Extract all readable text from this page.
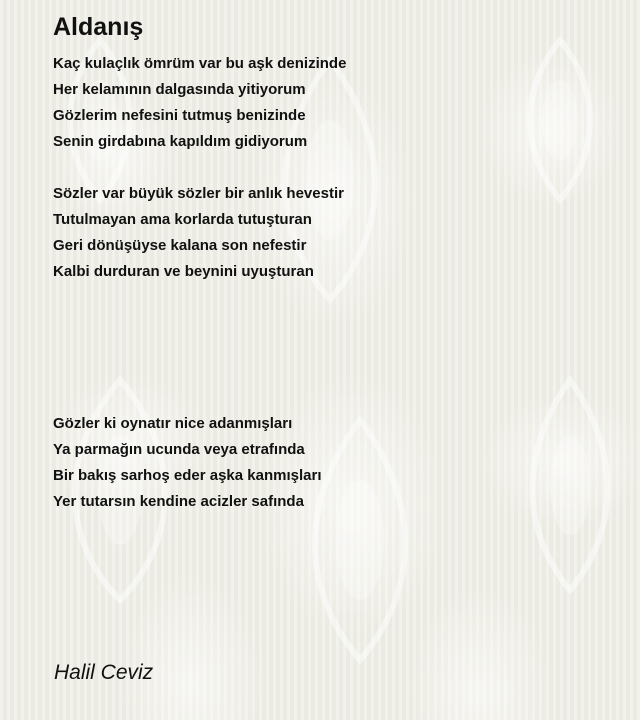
Aldanış
Kaç kulaçlık ömrüm var bu aşk denizinde
Her kelamının dalgasında yitiyorum
Gözlerim nefesini tutmuş benizinde
Senin girdabına kapıldım gidiyorum
Sözler var büyük sözler bir anlık hevestir
Tutulmayan ama korlarda tutuşturan
Geri dönüşüyse kalana son nefestir
Kalbi durduran ve beynini uyuşturan
Gözler ki oynatır nice adanmışları
Ya parmağın ucunda veya etrafında
Bir bakış sarhoş eder aşka kanmışları
Yer tutarsın kendine acizler safında
Halil Ceviz
